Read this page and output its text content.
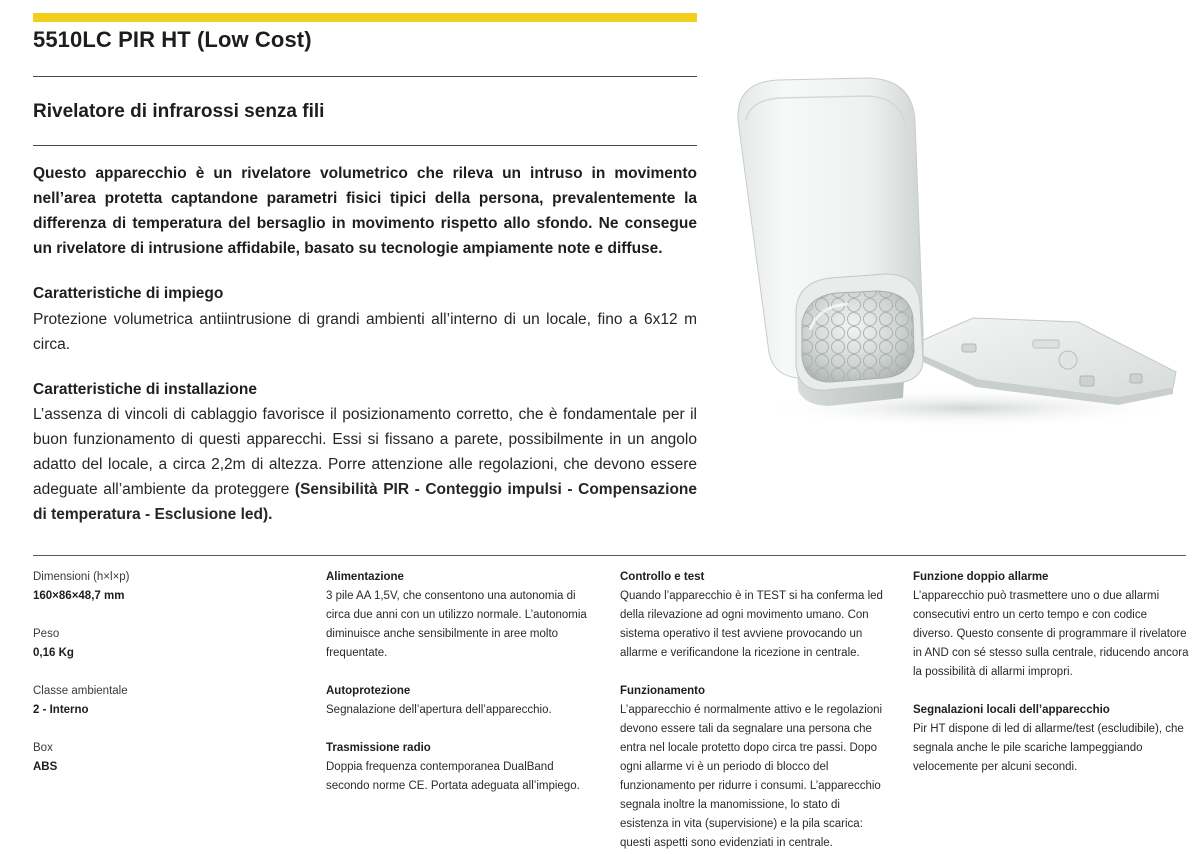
5510LC PIR HT (Low Cost)
Rivelatore di infrarossi senza fili

Questo apparecchio è un rivelatore volumetrico che rileva un intruso in movimento nell’area protetta captandone parametri fisici tipici della persona, prevalentemente la differenza di temperatura del bersaglio in movimento rispetto allo sfondo. Ne consegue un rivelatore di intrusione affidabile, basato su tecnologie ampiamente note e diffuse.

Caratteristiche di impiego

Protezione volumetrica antiintrusione di grandi ambienti all’interno di un locale, fino a 6x12 m circa.

Caratteristiche di installazione

L’assenza di vincoli di cablaggio favorisce il posizionamento corretto, che è fondamentale per il buon funzionamento di questi apparecchi. Essi si fissano a parete, possibilmente in un angolo adatto del locale, a circa 2,2m di altezza. Porre attenzione alle regolazioni, che devono essere adeguate all’ambiente da proteggere (Sensibilità PIR - Conteggio impulsi - Compensazione di temperatura - Esclusione led).

Dimensioni (h×l×p)
160×86×48,7 mm
Peso
0,16 Kg
Classe ambientale
2 - Interno
Box
ABS
Alimentazione
3 pile AA 1,5V, che consentono una autonomia di circa due anni con un utilizzo normale. L’autonomia diminuisce anche sensibilmente in aree molto frequentate.
Autoprotezione
Segnalazione dell’apertura dell’apparecchio.
Trasmissione radio
Doppia frequenza contemporanea DualBand secondo norme CE. Portata adeguata all’impiego.
Controllo e test
Quando l’apparecchio è in TEST si ha conferma led della rilevazione ad ogni movimento umano. Con sistema operativo il test avviene provocando un allarme e verificandone la ricezione in centrale.
Funzionamento
L’apparecchio é normalmente attivo e le regolazioni devono essere tali da segnalare una persona che entra nel locale protetto dopo circa tre passi. Dopo ogni allarme vi è un periodo di blocco del funzionamento per ridurre i consumi. L’apparecchio segnala inoltre la manomissione, lo stato di esistenza in vita (supervisione) e la pila scarica: questi aspetti sono evidenziati in centrale.
Funzione doppio allarme
L’apparecchio può trasmettere uno o due allarmi consecutivi entro un certo tempo e con codice diverso. Questo consente di programmare il rivelatore in AND con sé stesso sulla centrale, riducendo ancora la possibilità di allarmi impropri.
Segnalazioni locali dell’apparecchio
Pir HT dispone di led di allarme/test (escludibile), che segnala anche le pile scariche lampeggiando velocemente per alcuni secondi.
